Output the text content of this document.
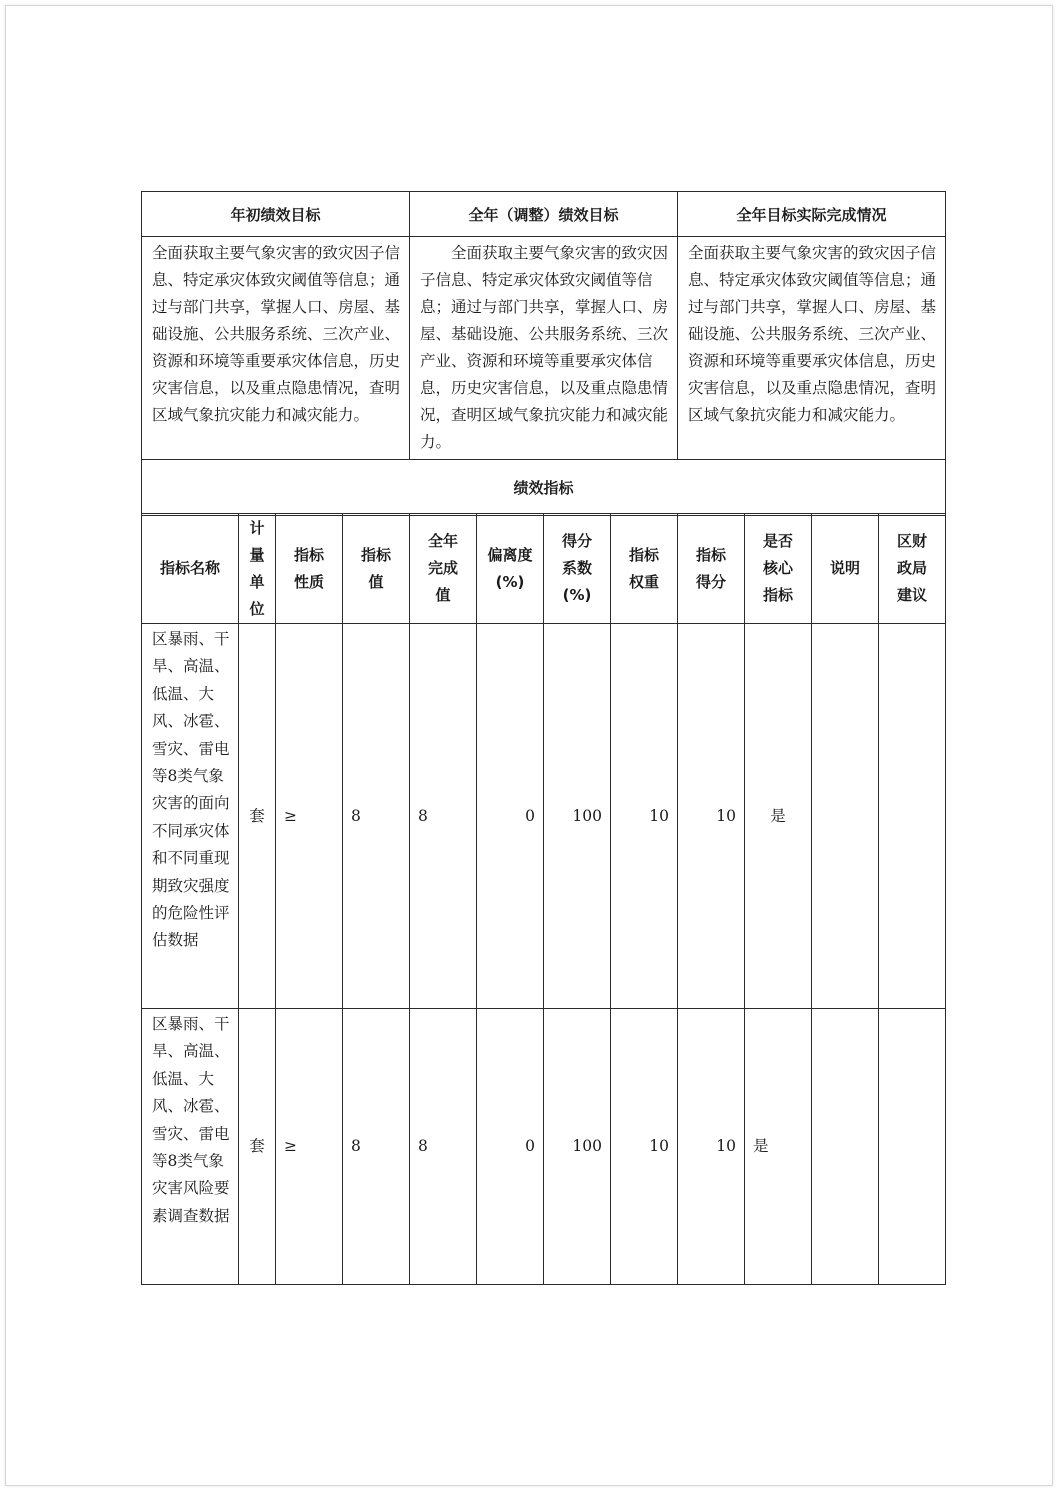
年初绩效目标	全年（调整）绩效目标	全年目标实际完成情况
全面获取主要气象灾害的致灾因子信息、特定承灾体致灾阈值等信息；通过与部门共享，掌握人口、房屋、基础设施、公共服务系统、三次产业、资源和环境等重要承灾体信息，历史灾害信息，以及重点隐患情况，查明区域气象抗灾能力和减灾能力。	全面获取主要气象灾害的致灾因子信息、特定承灾体致灾阈值等信息；通过与部门共享，掌握人口、房屋、基础设施、公共服务系统、三次产业、资源和环境等重要承灾体信息，历史灾害信息，以及重点隐患情况，查明区域气象抗灾能力和减灾能力。	全面获取主要气象灾害的致灾因子信息、特定承灾体致灾阈值等信息；通过与部门共享，掌握人口、房屋、基础设施、公共服务系统、三次产业、资源和环境等重要承灾体信息，历史灾害信息，以及重点隐患情况，查明区域气象抗灾能力和减灾能力。
绩效指标		
指标名称	计量单位	指标性质	指标值	全年完成值	偏离度(%)	得分系数(%)	指标权重	指标得分	是否核心指标	说明	区财政局建议
区暴雨、干旱、高温、低温、大风、冰雹、雪灾、雷电等8类气象灾害的面向不同承灾体和不同重现期致灾强度的危险性评估数据	套	≥	8	8	0	100	10	10	是		
区暴雨、干旱、高温、低温、大风、冰雹、雪灾、雷电等8类气象灾害风险要素调查数据	套	≥	8	8	0	100	10	10	是		
